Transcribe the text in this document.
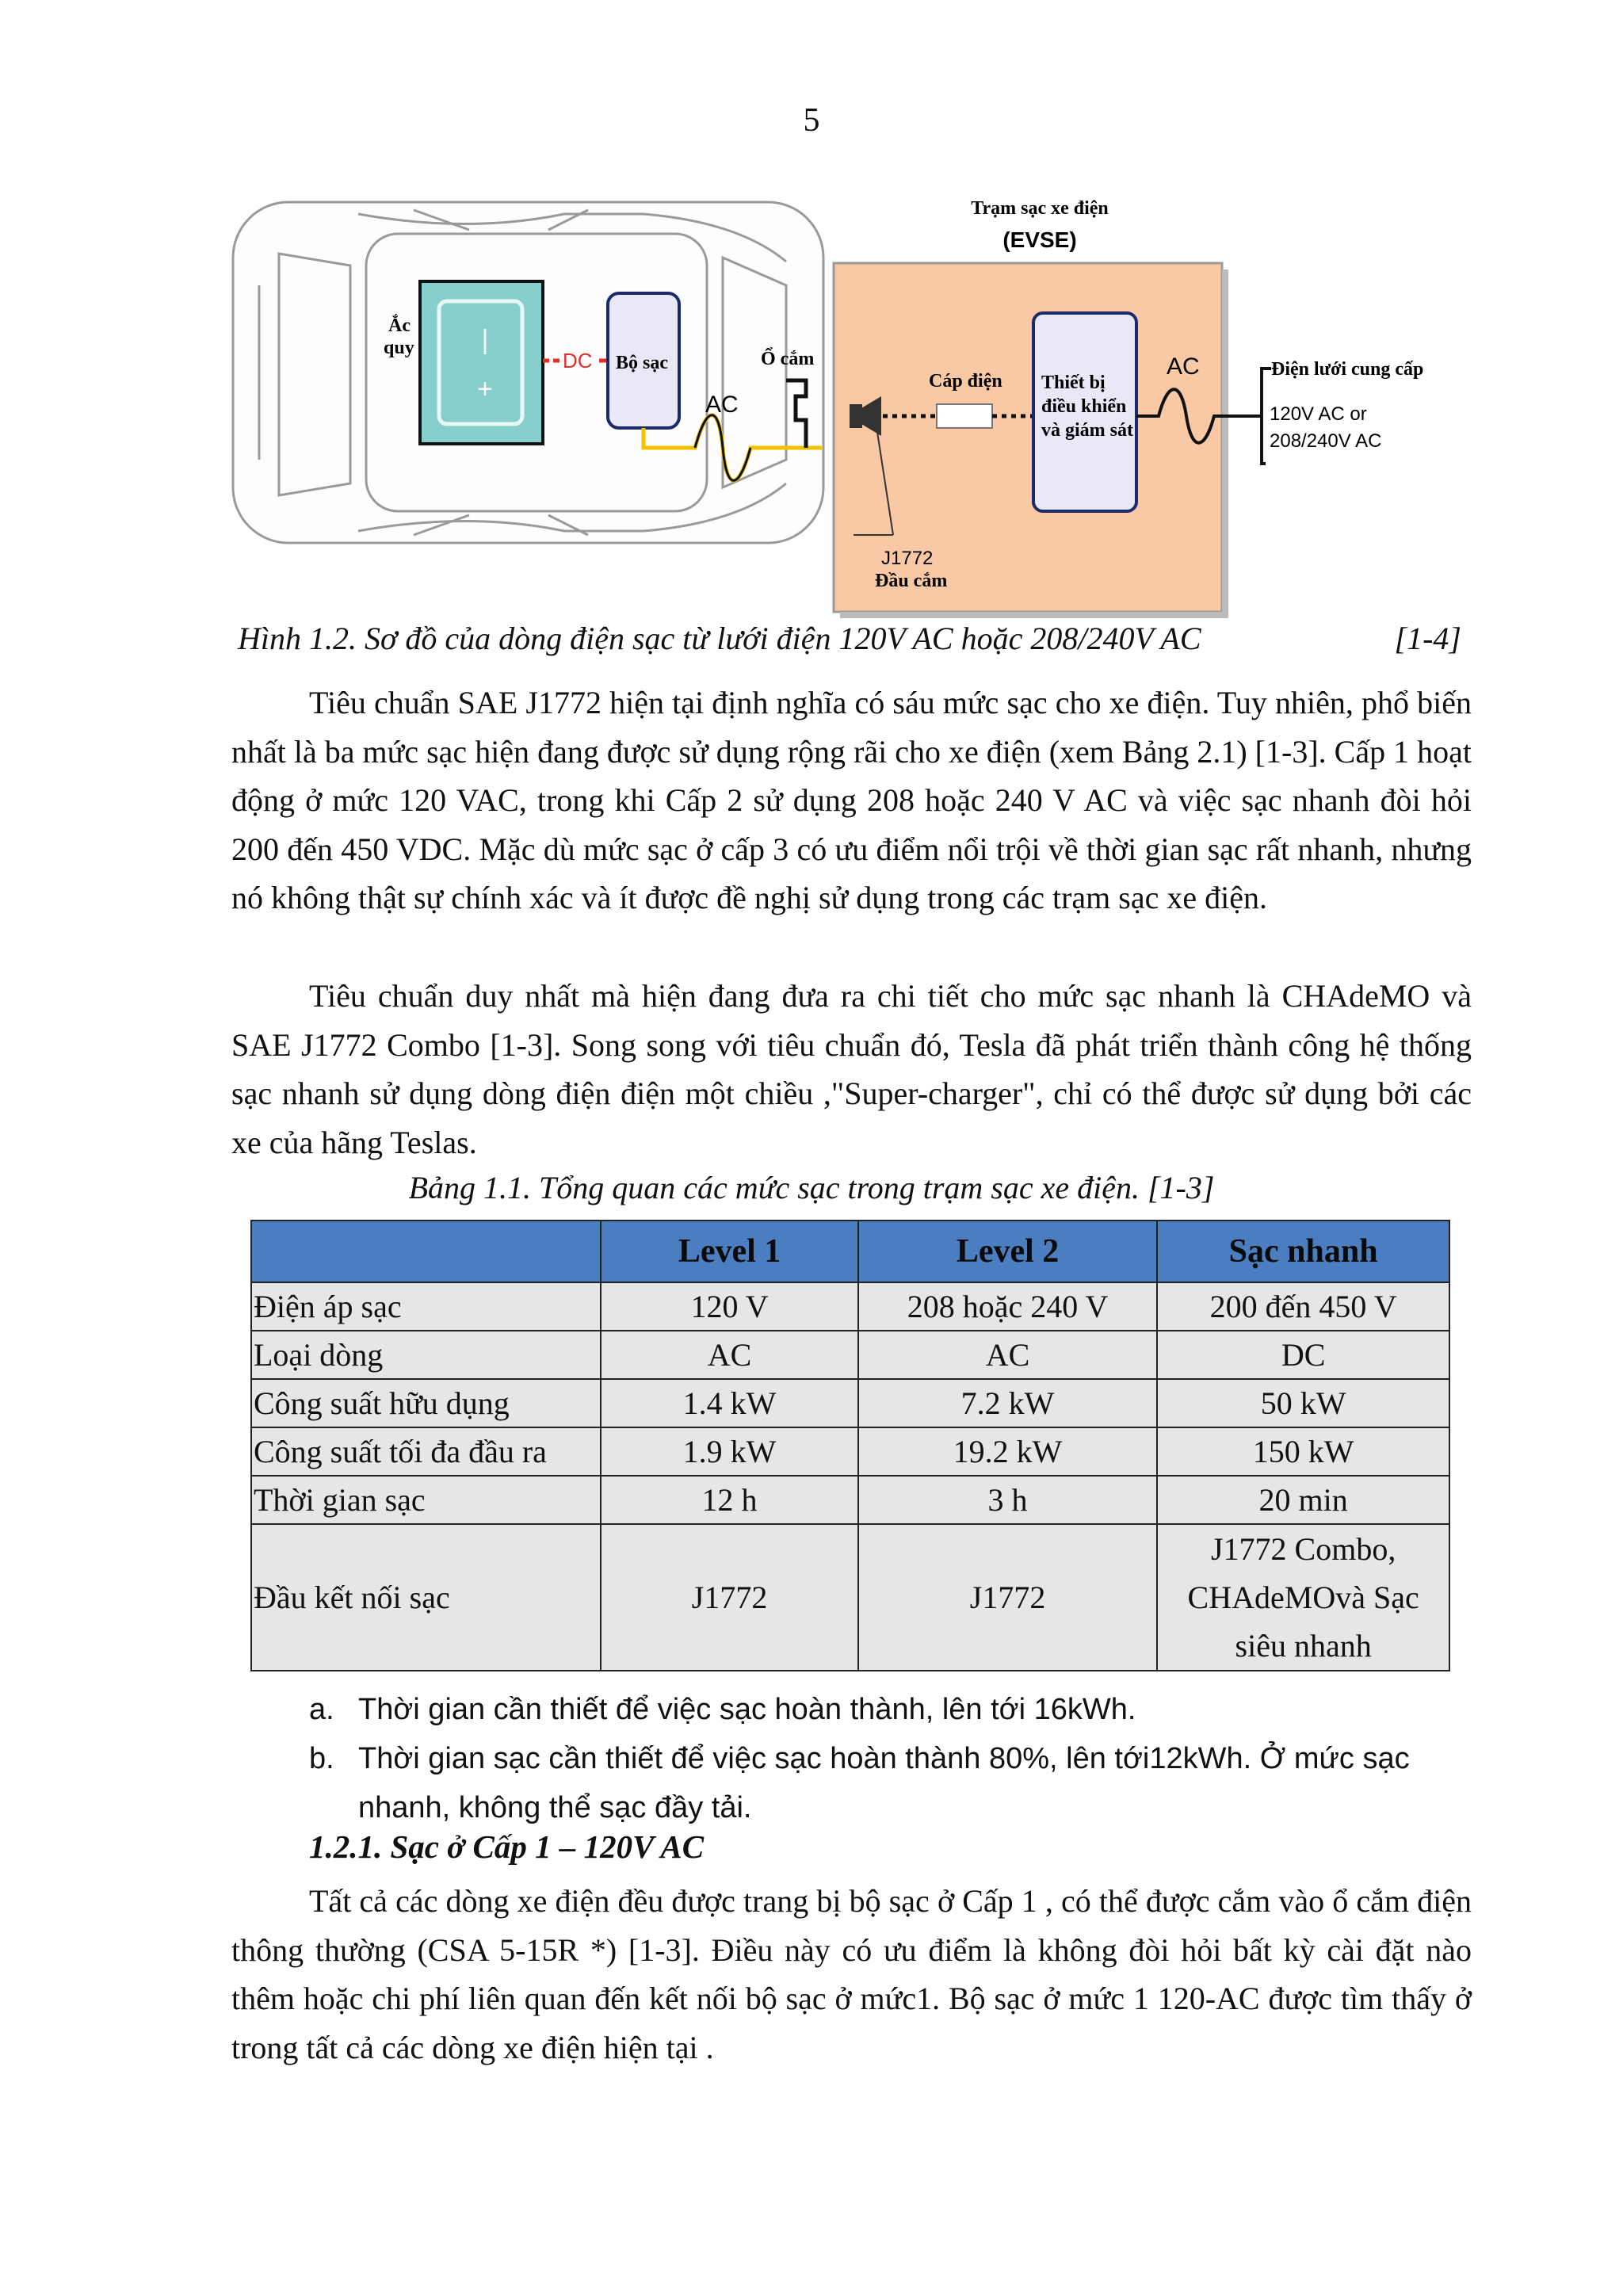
5
|
+
Ắc
quy
DC Bộ sạc
AC
Ổ cắm
Trạm sạc xe điện
(EVSE)
Cáp điện
J1772
Đầu cắm
Thiết bị
điều khiển
và giám sát
AC	Điện lưới cung cấp
120V AC or
208/240V AC
Hình 1.2. Sơ đồ của dòng điện sạc từ lưới điện 120V AC hoặc 208/240V AC	[1-4]

Tiêu chuẩn SAE J1772 hiện tại định nghĩa có sáu mức sạc cho xe điện. Tuy nhiên, phổ biến nhất là ba mức sạc hiện đang được sử dụng rộng rãi cho xe điện (xem Bảng 2.1) [1-3]. Cấp 1 hoạt động ở mức 120 VAC, trong khi Cấp 2 sử dụng 208 hoặc 240 V AC và việc sạc nhanh đòi hỏi 200 đến 450 VDC. Mặc dù mức sạc ở cấp 3 có ưu điểm nổi trội về thời gian sạc rất nhanh, nhưng nó không thật sự chính xác và ít được đề nghị sử dụng trong các trạm sạc xe điện.

Tiêu chuẩn duy nhất mà hiện đang đưa ra chi tiết cho mức sạc nhanh là CHAdeMO và SAE J1772 Combo [1-3]. Song song với tiêu chuẩn đó, Tesla đã phát triển thành công hệ thống sạc nhanh sử dụng dòng điện điện một chiều ,"Super-charger", chỉ có thể được sử dụng bởi các xe của hãng Teslas.

Bảng 1.1. Tổng quan các mức sạc trong trạm sạc xe điện. [1-3]
	Level 1	Level 2	Sạc nhanh
Điện áp sạc	120 V	208 hoặc 240 V	200 đến 450 V
Loại dòng	AC	AC	DC
Công suất hữu dụng	1.4 kW	7.2 kW	50 kW
Công suất tối đa đầu ra	1.9 kW	19.2 kW	150 kW
Thời gian sạc	12 h	3 h	20 min
Đầu kết nối sạc	J1772	J1772	J1772 Combo, CHAdeMOvà Sạc siêu nhanh
a. Thời gian cần thiết để việc sạc hoàn thành, lên tới 16kWh.
b. Thời gian sạc cần thiết để việc sạc hoàn thành 80%, lên tới12kWh. Ở mức sạc nhanh, không thể sạc đầy tải.
1.2.1. Sạc ở Cấp 1 – 120V AC

Tất cả các dòng xe điện đều được trang bị bộ sạc ở Cấp 1 , có thể được cắm vào ổ cắm điện thông thường (CSA 5-15R *) [1-3]. Điều này có ưu điểm là không đòi hỏi bất kỳ cài đặt nào thêm hoặc chi phí liên quan đến kết nối bộ sạc ở mức1. Bộ sạc ở mức 1 120-AC được tìm thấy ở trong tất cả các dòng xe điện hiện tại .
